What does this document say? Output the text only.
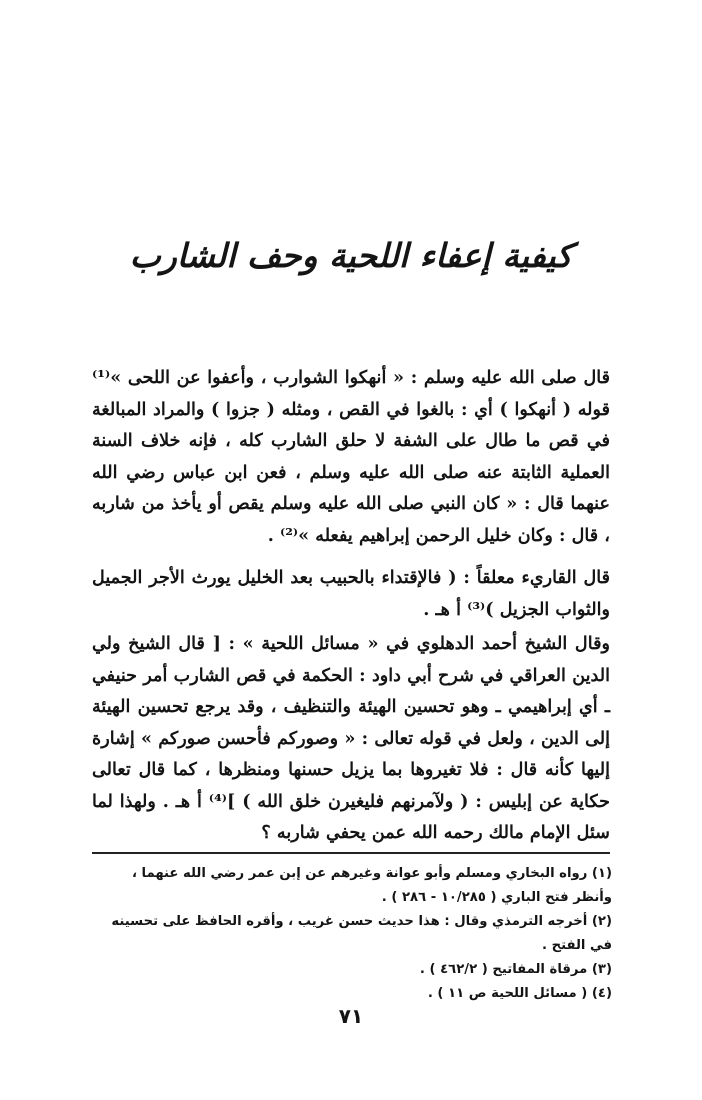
كيفية إعفاء اللحية وحف الشارب

قال صلى الله عليه وسلم : « أنهكوا الشوارب ، وأعفوا عن اللحى »⁽¹⁾ قوله ( أنهكوا ) أي : بالغوا في القص ، ومثله ( جزوا ) والمراد المبالغة في قص ما طال على الشفة لا حلق الشارب كله ، فإنه خلاف السنة العملية الثابتة عنه صلى الله عليه وسلم ، فعن ابن عباس رضي الله عنهما قال : « كان النبي صلى الله عليه وسلم يقص أو يأخذ من شاربه ، قال : وكان خليل الرحمن إبراهيم يفعله »⁽²⁾ .

قال القاريء معلقاً : ( فالإقتداء بالحبيب بعد الخليل يورث الأجر الجميل والثواب الجزيل )⁽³⁾ أ هـ .

وقال الشيخ أحمد الدهلوي في « مسائل اللحية » : [ قال الشيخ ولي الدين العراقي في شرح أبي داود : الحكمة في قص الشارب أمر حنيفي ـ أي إبراهيمي ـ وهو تحسين الهيئة والتنظيف ، وقد يرجع تحسين الهيئة إلى الدين ، ولعل في قوله تعالى : « وصوركم فأحسن صوركم » إشارة إليها كأنه قال : فلا تغيروها بما يزيل حسنها ومنظرها ، كما قال تعالى حكاية عن إبليس : ( ولآمرنهم فليغيرن خلق الله ) ]⁽⁴⁾ أ هـ . ولهذا لما سئل الإمام مالك رحمه الله عمن يحفي شاربه ؟

(١) رواه البخاري ومسلم وأبو عوانة وغيرهم عن إبن عمر رضي الله عنهما ، وأنظر فتح الباري ( ١٠/٢٨٥ - ٢٨٦ ) .

(٢) أخرجه الترمذي وقال : هذا حديث حسن غريب ، وأقره الحافظ على تحسينه في الفتح .

(٣) مرقاة المفاتيح ( ٤٦٢/٢ ) .

(٤) ( مسائل اللحية ص ١١ ) .

٧١
